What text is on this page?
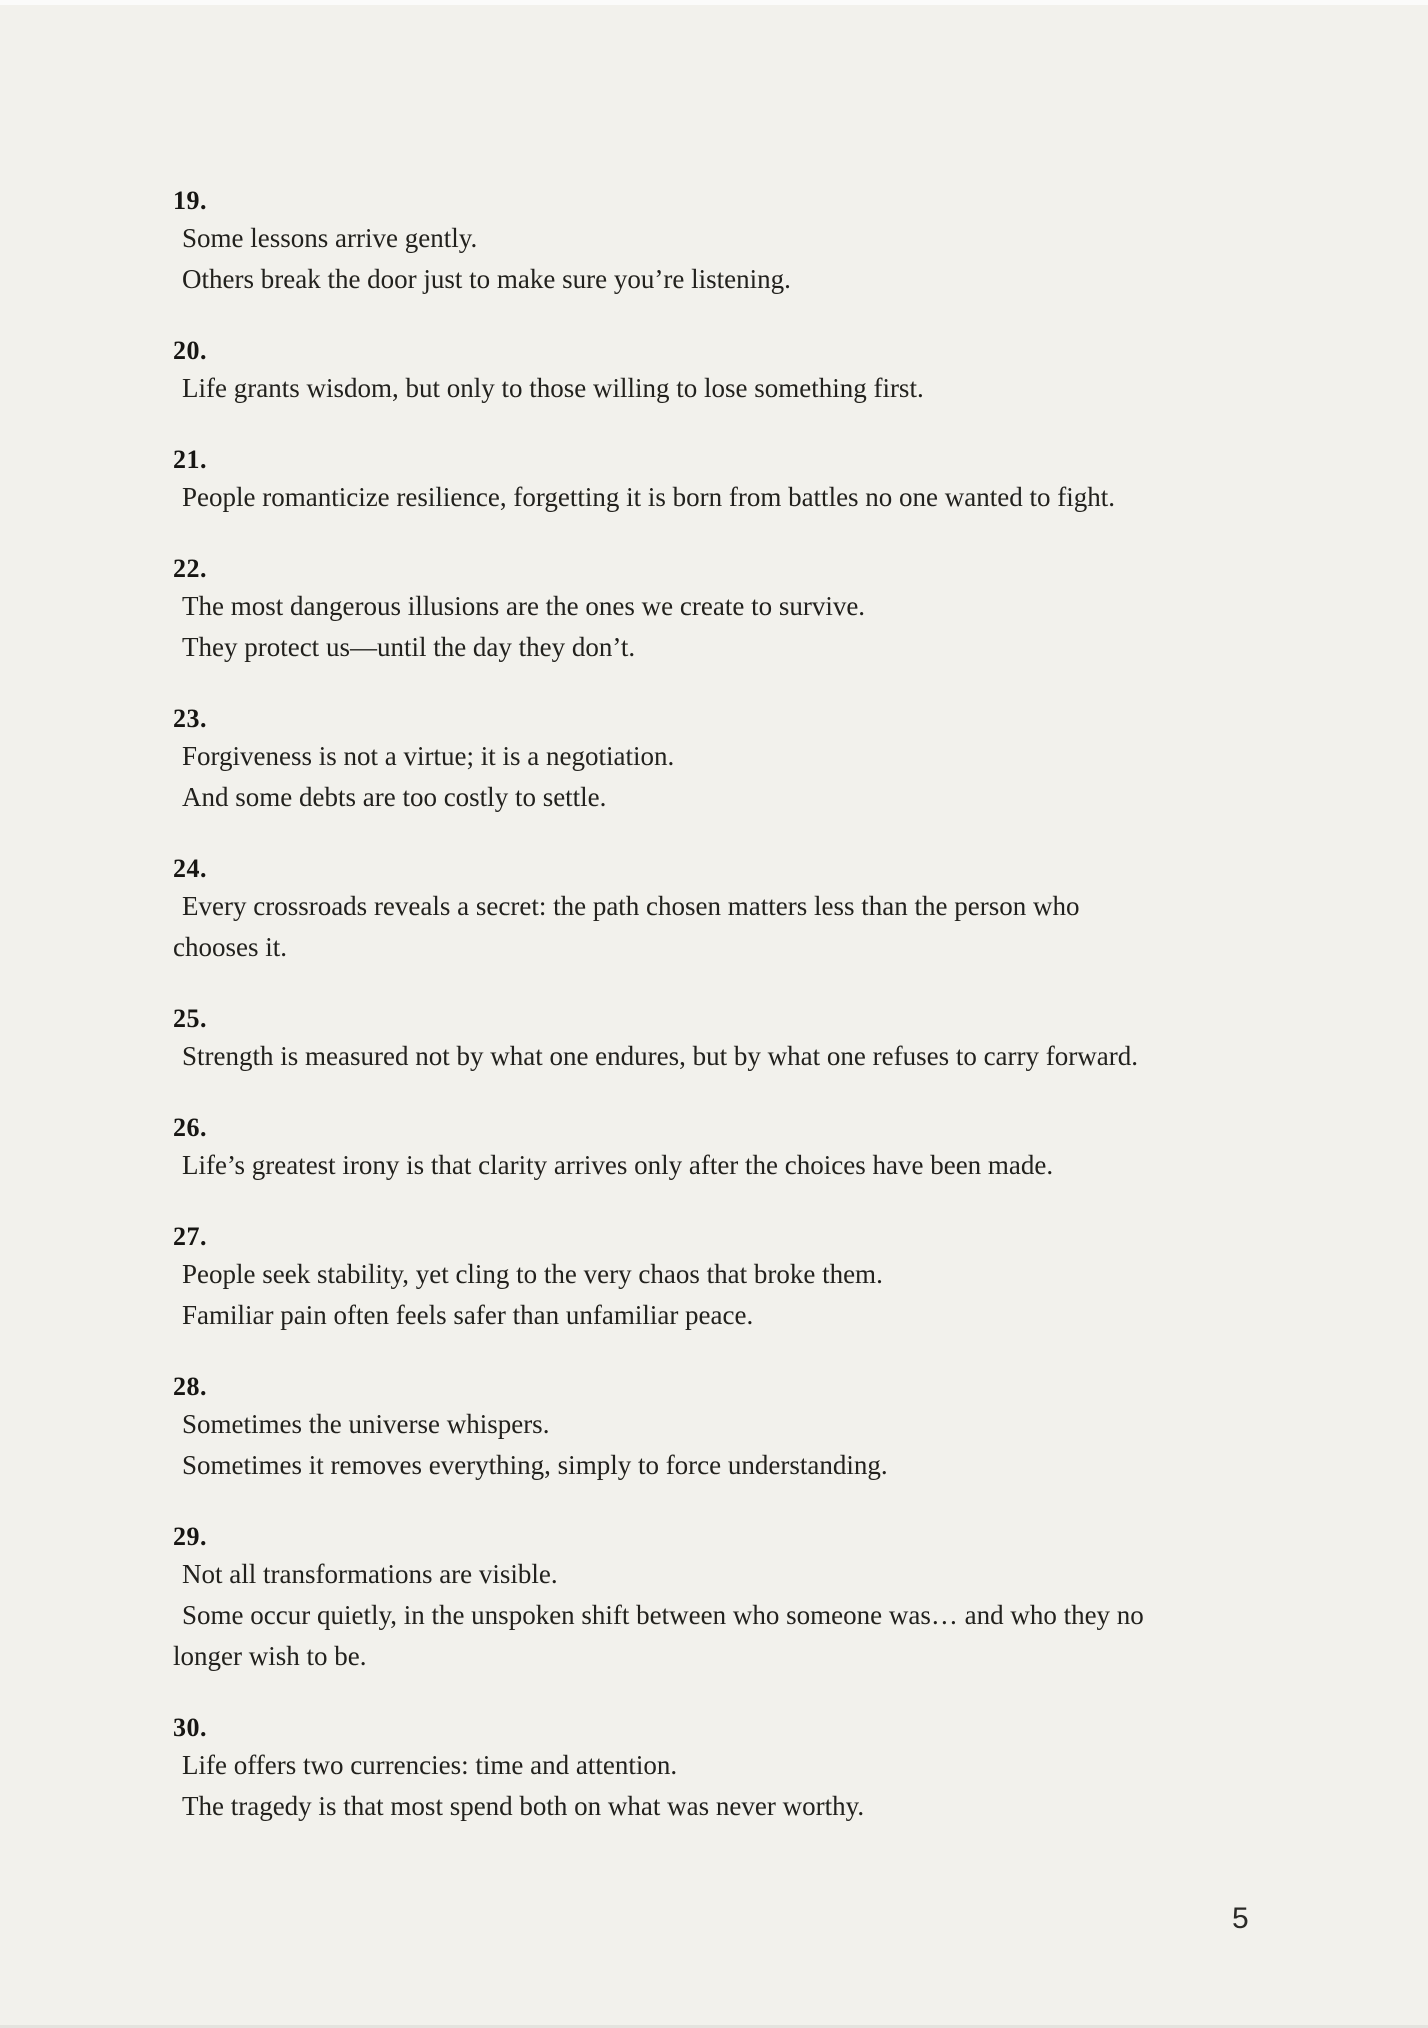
19.
Some lessons arrive gently.
Others break the door just to make sure you’re listening.
20.
Life grants wisdom, but only to those willing to lose something first.
21.
People romanticize resilience, forgetting it is born from battles no one wanted to fight.
22.
The most dangerous illusions are the ones we create to survive.
They protect us—until the day they don’t.
23.
Forgiveness is not a virtue; it is a negotiation.
And some debts are too costly to settle.
24.
Every crossroads reveals a secret: the path chosen matters less than the person who
chooses it.
25.
Strength is measured not by what one endures, but by what one refuses to carry forward.
26.
Life’s greatest irony is that clarity arrives only after the choices have been made.
27.
People seek stability, yet cling to the very chaos that broke them.
Familiar pain often feels safer than unfamiliar peace.
28.
Sometimes the universe whispers.
Sometimes it removes everything, simply to force understanding.
29.
Not all transformations are visible.
Some occur quietly, in the unspoken shift between who someone was… and who they no
longer wish to be.
30.
Life offers two currencies: time and attention.
The tragedy is that most spend both on what was never worthy.
5
